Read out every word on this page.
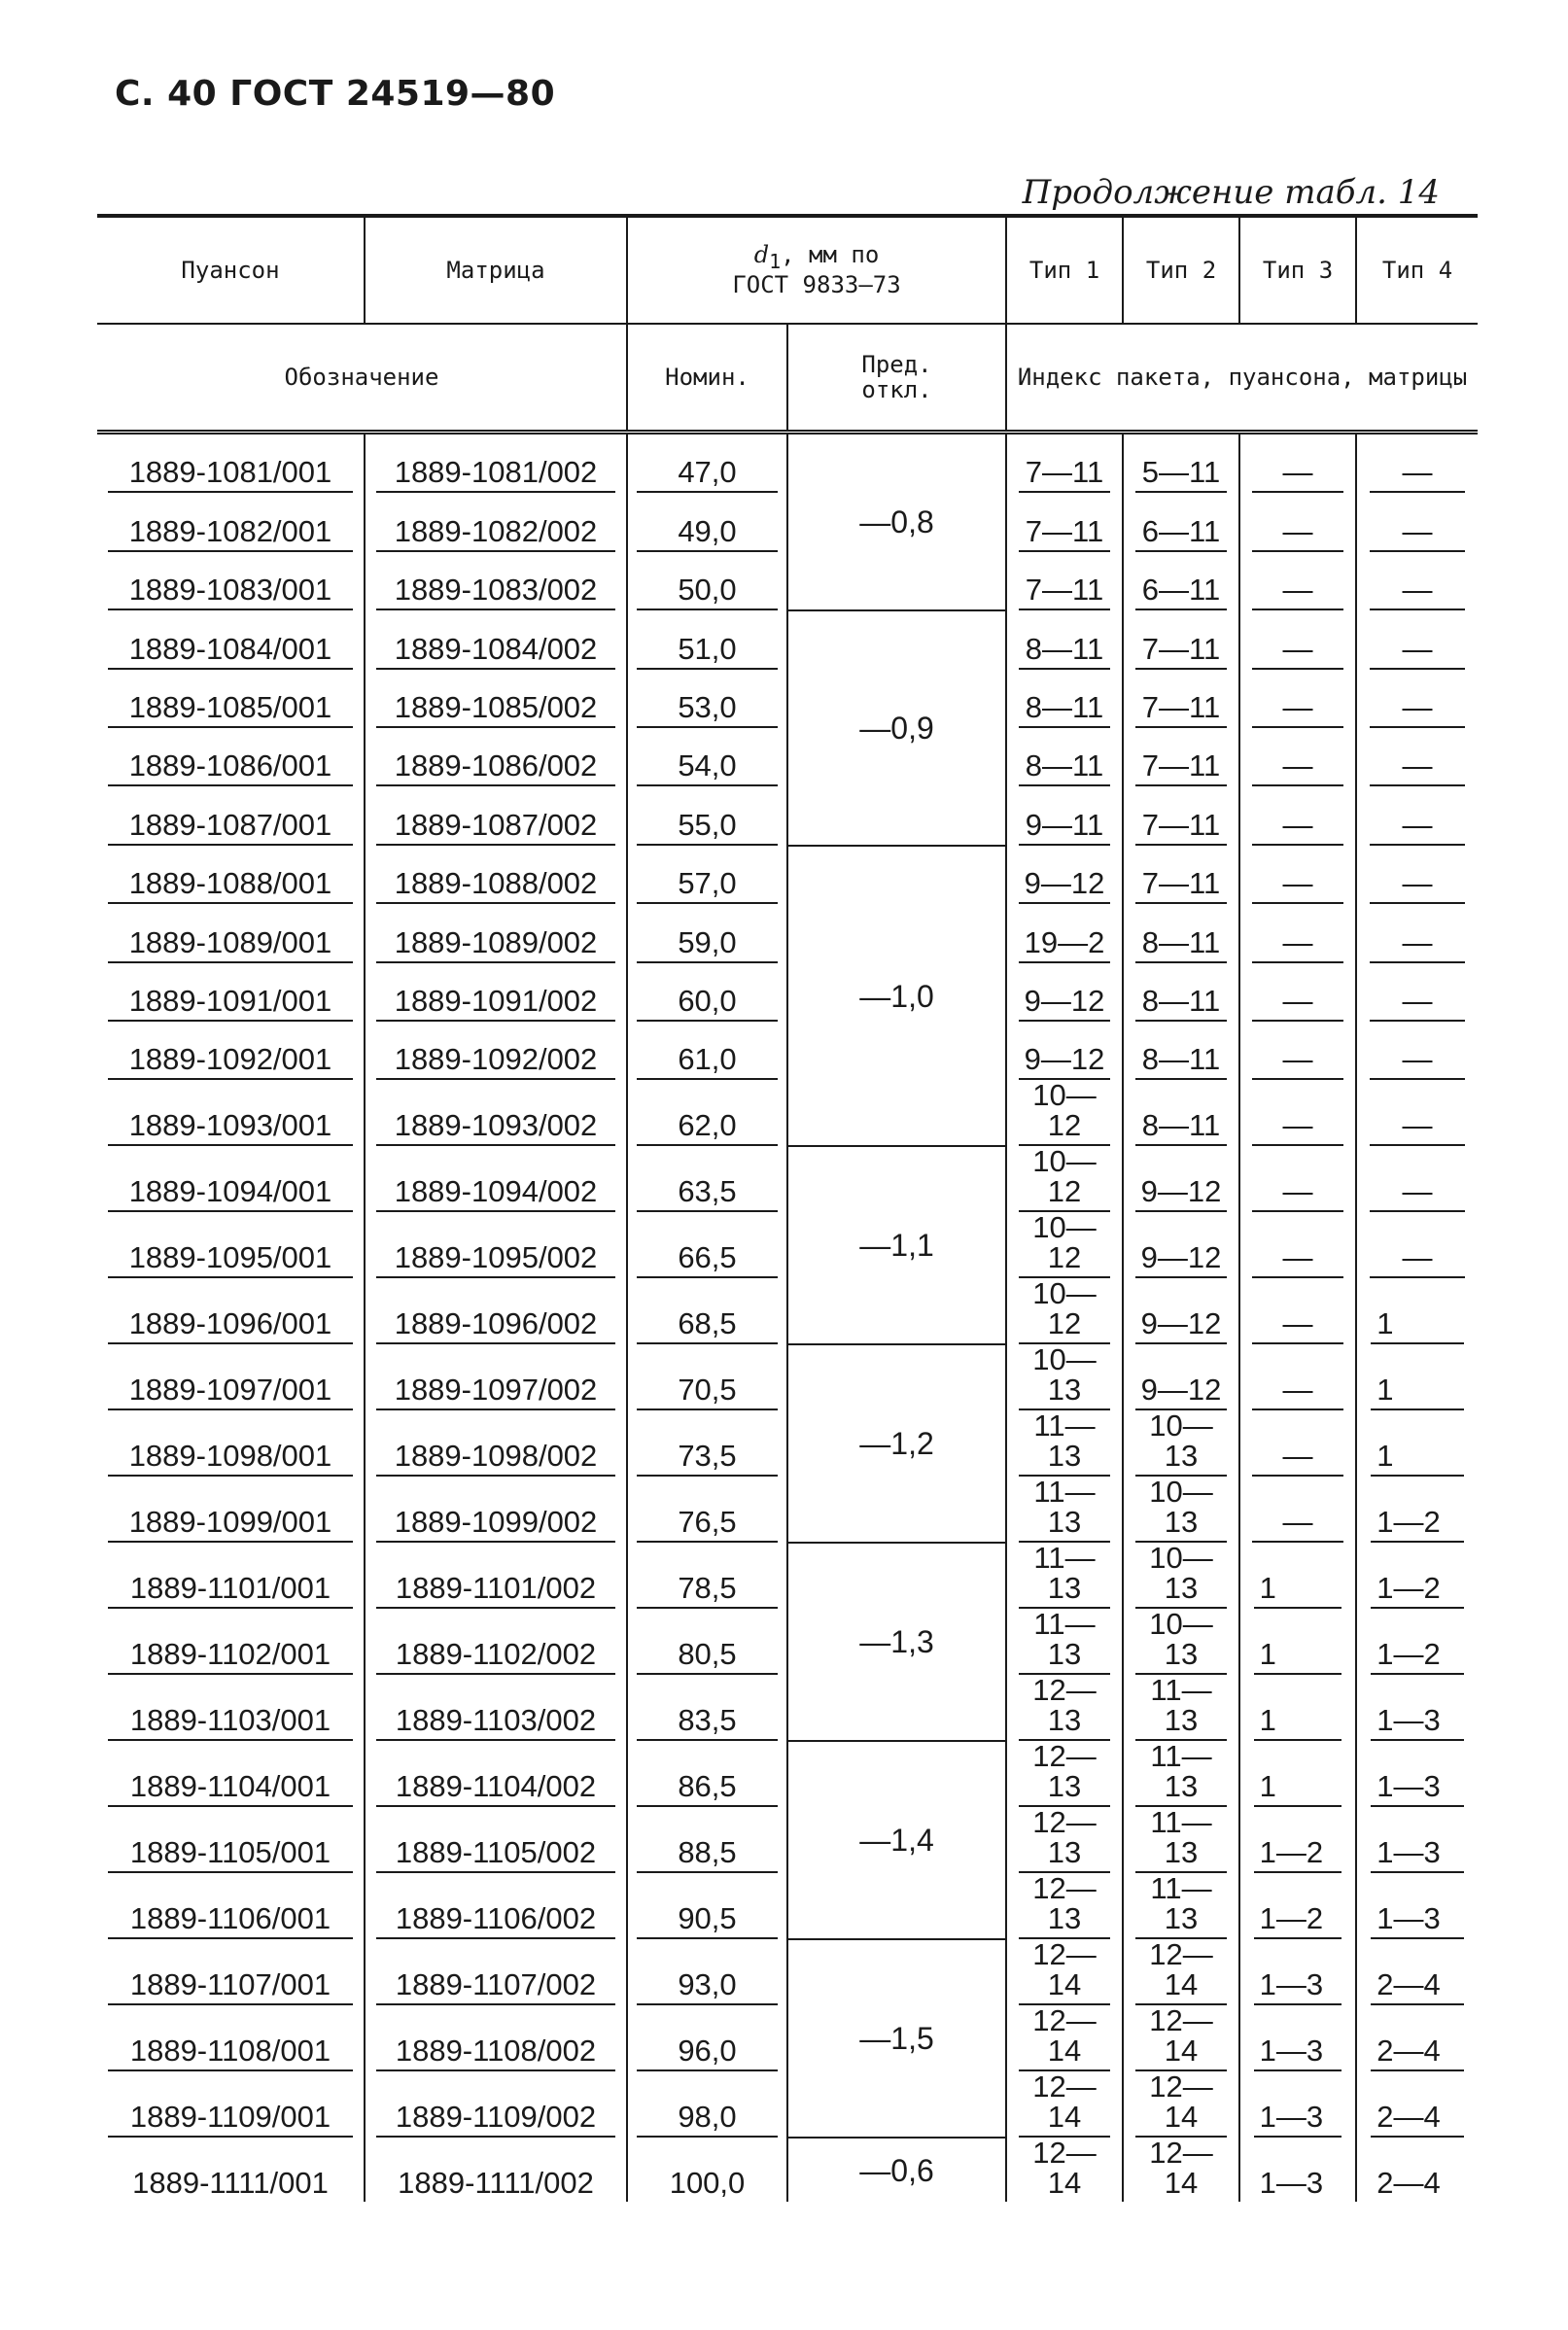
С. 40 ГОСТ 24519—80
Продолжение табл. 14
Пуансон	Матрица	$d_1$, мм по
ГОСТ 9833—73		Тип 1	Тип 2	Тип 3	Тип 4
Обозначение		Номин.	Пред.
откл.	Индекс пакета, пуансона, матрицы			
1889-1081/001	1889-1081/002	47,0	—0,8	7—11	5—11	—	—
1889-1082/001	1889-1082/002	49,0		7—11	6—11	—	—
1889-1083/001	1889-1083/002	50,0		7—11	6—11	—	—
1889-1084/001	1889-1084/002	51,0	—0,9	8—11	7—11	—	—
1889-1085/001	1889-1085/002	53,0		8—11	7—11	—	—
1889-1086/001	1889-1086/002	54,0		8—11	7—11	—	—
1889-1087/001	1889-1087/002	55,0		9—11	7—11	—	—
1889-1088/001	1889-1088/002	57,0	—1,0	9—12	7—11	—	—
1889-1089/001	1889-1089/002	59,0		19—2	8—11	—	—
1889-1091/001	1889-1091/002	60,0		9—12	8—11	—	—
1889-1092/001	1889-1092/002	61,0		9—12	8—11	—	—
1889-1093/001	1889-1093/002	62,0		10—12	8—11	—	—
1889-1094/001	1889-1094/002	63,5	—1,1	10—12	9—12	—	—
1889-1095/001	1889-1095/002	66,5		10—12	9—12	—	—
1889-1096/001	1889-1096/002	68,5		10—12	9—12	—	1
1889-1097/001	1889-1097/002	70,5	—1,2	10—13	9—12	—	1
1889-1098/001	1889-1098/002	73,5		11—13	10—13	—	1
1889-1099/001	1889-1099/002	76,5		11—13	10—13	—	1—2
1889-1101/001	1889-1101/002	78,5	—1,3	11—13	10—13	1	1—2
1889-1102/001	1889-1102/002	80,5		11—13	10—13	1	1—2
1889-1103/001	1889-1103/002	83,5		12—13	11—13	1	1—3
1889-1104/001	1889-1104/002	86,5	—1,4	12—13	11—13	1	1—3
1889-1105/001	1889-1105/002	88,5		12—13	11—13	1—2	1—3
1889-1106/001	1889-1106/002	90,5		12—13	11—13	1—2	1—3
1889-1107/001	1889-1107/002	93,0	—1,5	12—14	12—14	1—3	2—4
1889-1108/001	1889-1108/002	96,0		12—14	12—14	1—3	2—4
1889-1109/001	1889-1109/002	98,0		12—14	12—14	1—3	2—4
1889-1111/001	1889-1111/002	100,0	—0,6	12—14	12—14	1—3	2—4
